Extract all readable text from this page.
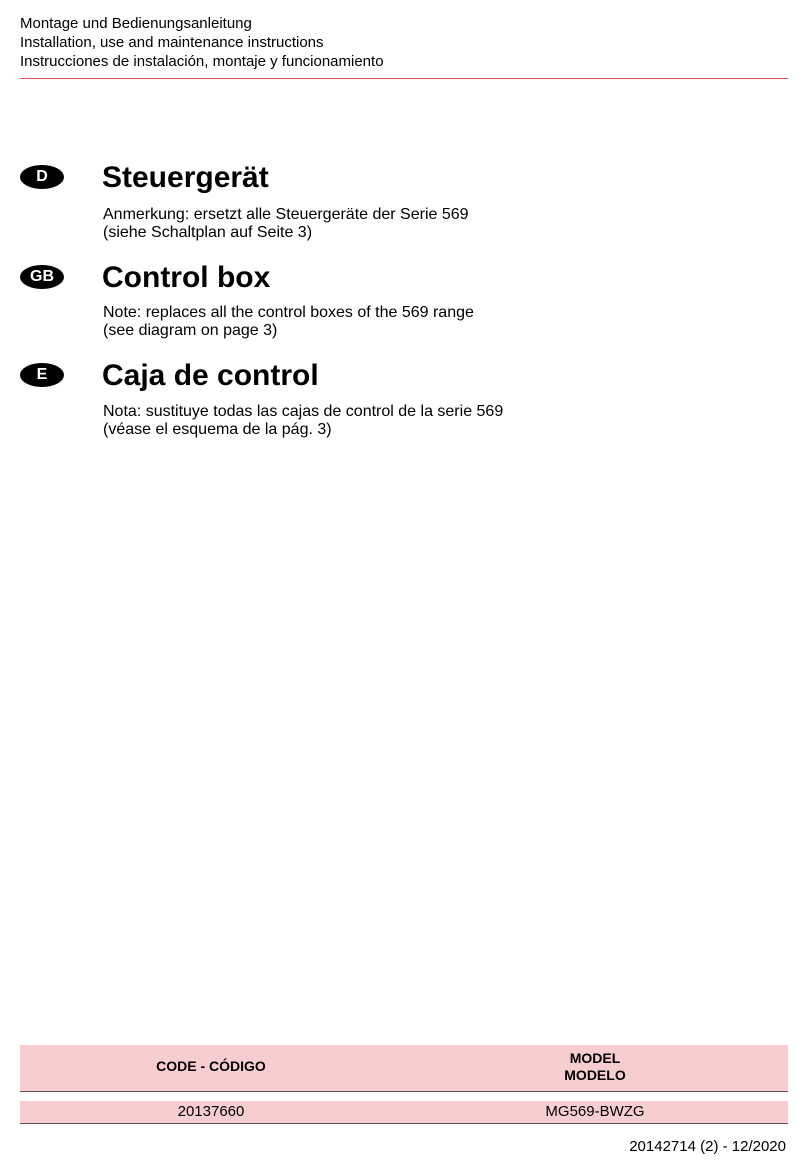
Montage und Bedienungsanleitung
Installation, use and maintenance instructions
Instrucciones de instalación, montaje y funcionamiento
D	Steuergerät
Anmerkung: ersetzt alle Steuergeräte der Serie 569
(siehe Schaltplan auf Seite 3)
GB	Control box
Note: replaces all the control boxes of the 569 range
(see diagram on page 3)
E	Caja de control
Nota: sustituye todas las cajas de control de la serie 569
(véase el esquema de la pág. 3)
CODE - CÓDIGO	MODEL
MODELO
20137660	MG569-BWZG
20142714 (2) - 12/2020
